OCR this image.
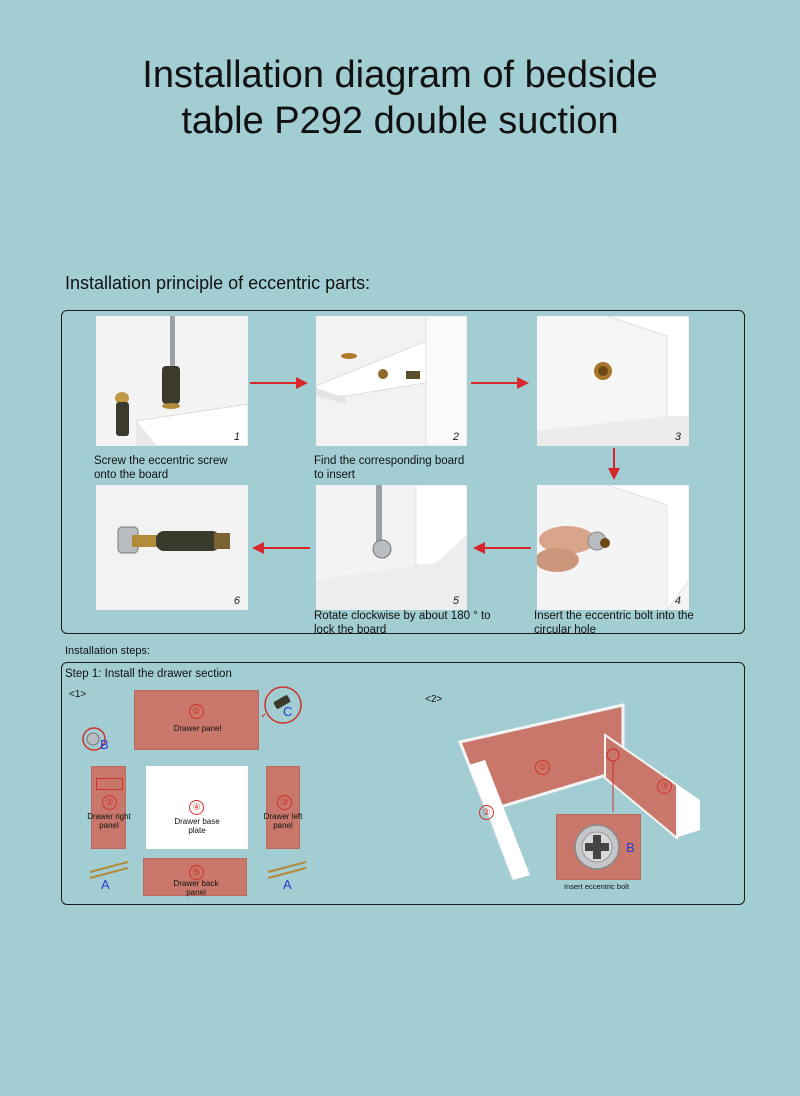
Installation diagram of bedside
table P292 double suction
Installation principle of eccentric parts:
1
Screw the eccentric screw
onto the board
2
Find the corresponding board
to insert
3
4
Insert the eccentric bolt into the
circular hole
5
Rotate clockwise by about 180 ° to
lock the board
6
Installation steps:
Step 1: Install the drawer section
<1>	<2>
①
Drawer panel
C
B
②
Drawer right
panel
④
Drawer base
plate
③
Drawer left
panel
A	A
⑤
Drawer back
panel
①
②
③
B
Insert eccentric bolt
